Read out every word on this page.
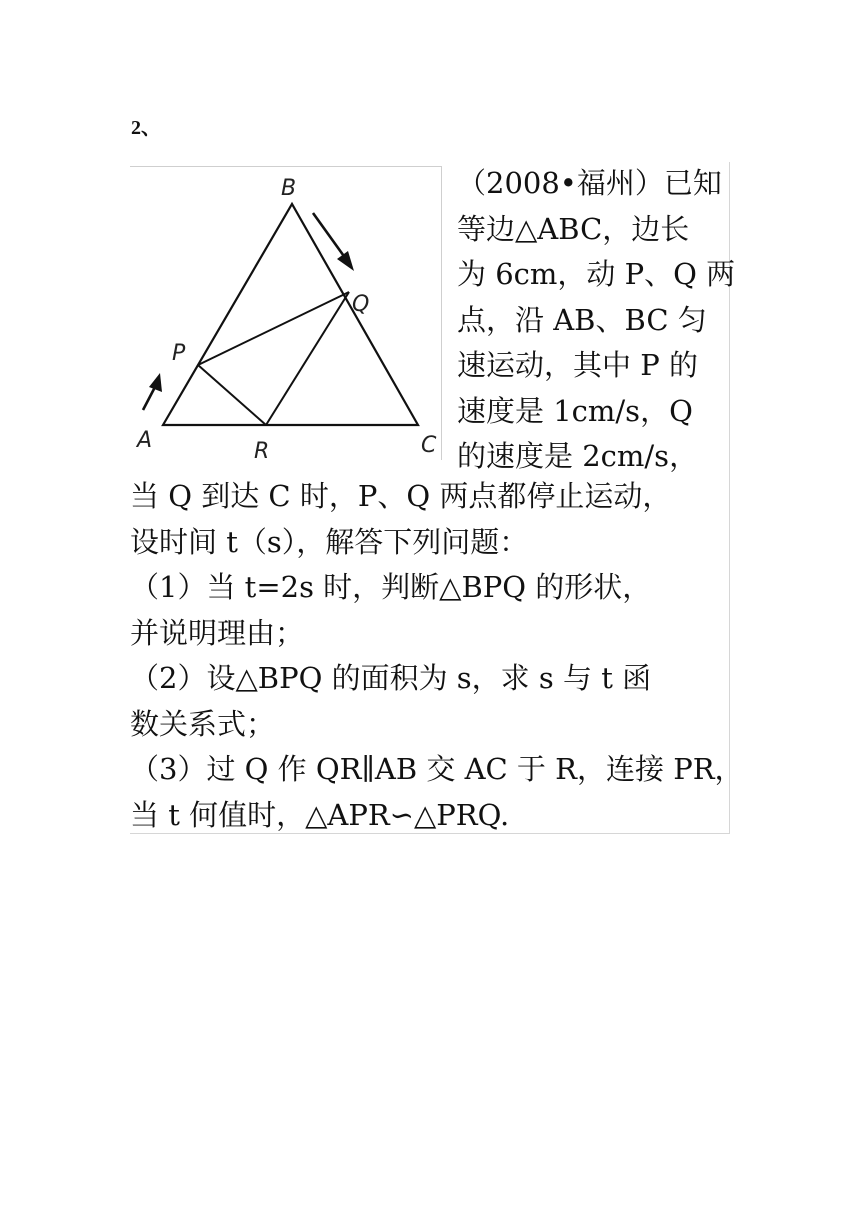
2、
B
Q
P
A	R	C
（2008•福州）已知
等边△ABC，边长
为 6cm，动 P、Q 两
点，沿 AB、BC 匀
速运动，其中 P 的
速度是 1cm/s，Q
的速度是 2cm/s，
当 Q 到达 C 时，P、Q 两点都停止运动，
设时间 t（s），解答下列问题：
（1）当 t=2s 时，判断△BPQ 的形状，
并说明理由；
（2）设△BPQ 的面积为 s，求 s 与 t 函
数关系式；
（3）过 Q 作 QR∥AB 交 AC 于 R，连接 PR，
当 t 何值时，△APR∽△PRQ.
